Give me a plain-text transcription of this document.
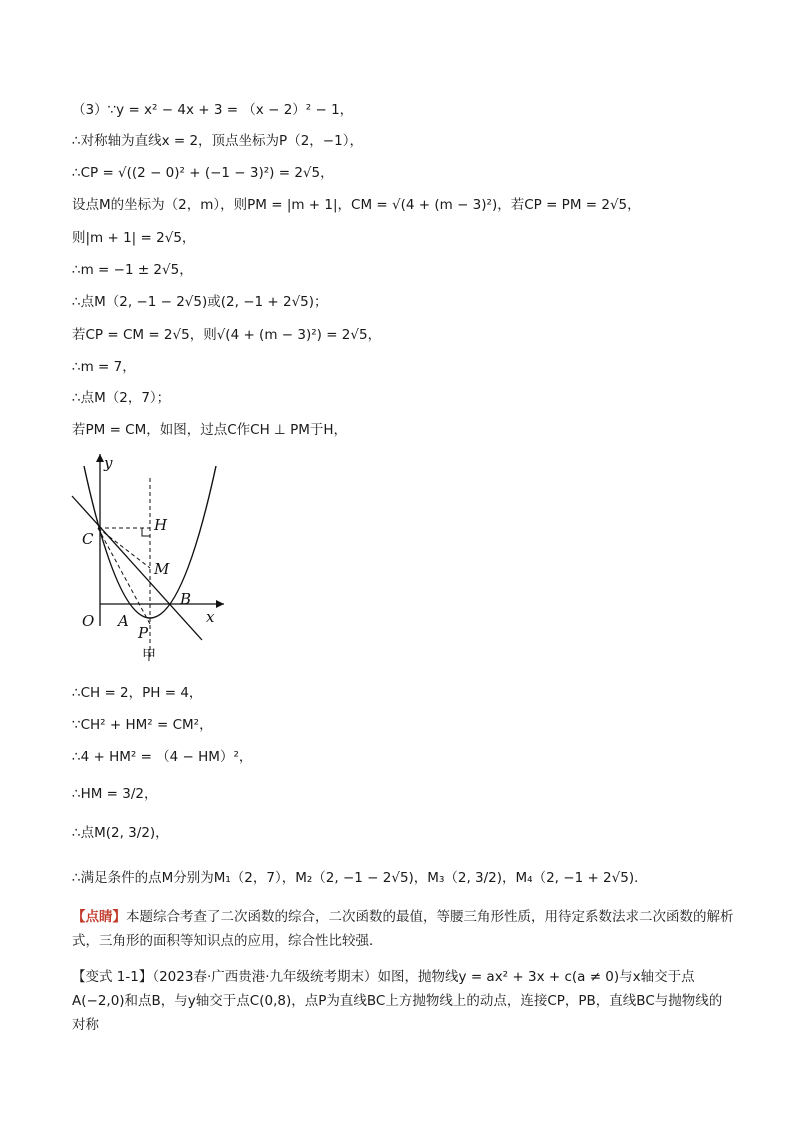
（3）∵y = x² − 4x + 3 = （x − 2）² − 1，
∴对称轴为直线x = 2，顶点坐标为P（2，−1），
∴CP = √((2 − 0)² + (−1 − 3)²) = 2√5，
设点M的坐标为（2，m），则PM = |m + 1|，CM = √(4 + (m − 3)²)，若CP = PM = 2√5，
则|m + 1| = 2√5，
∴m = −1 ± 2√5，
∴点M（2, −1 − 2√5)或(2, −1 + 2√5)；
若CP = CM = 2√5，则√(4 + (m − 3)²) = 2√5，
∴m = 7，
∴点M（2，7）；
若PM = CM，如图，过点C作CH ⊥ PM于H，
y
x
O A
B
C
H
M
P
甲
∴CH = 2，PH = 4，
∵CH² + HM² = CM²，
∴4 + HM² = （4 − HM）²，
∴HM = 3/2，
∴点M(2, 3/2)，
∴满足条件的点M分别为M₁（2，7），M₂（2, −1 − 2√5)，M₃（2, 3/2)，M₄（2, −1 + 2√5)．
【点睛】本题综合考查了二次函数的综合，二次函数的最值，等腰三角形性质，用待定系数法求二次函数的解析式，三角形的面积等知识点的应用，综合性比较强．
【变式 1-1】（2023春·广西贵港·九年级统考期末）如图，抛物线y = ax² + 3x + c(a ≠ 0)与x轴交于点A(−2,0)和点B，与y轴交于点C(0,8)，点P为直线BC上方抛物线上的动点，连接CP，PB，直线BC与抛物线的对称
